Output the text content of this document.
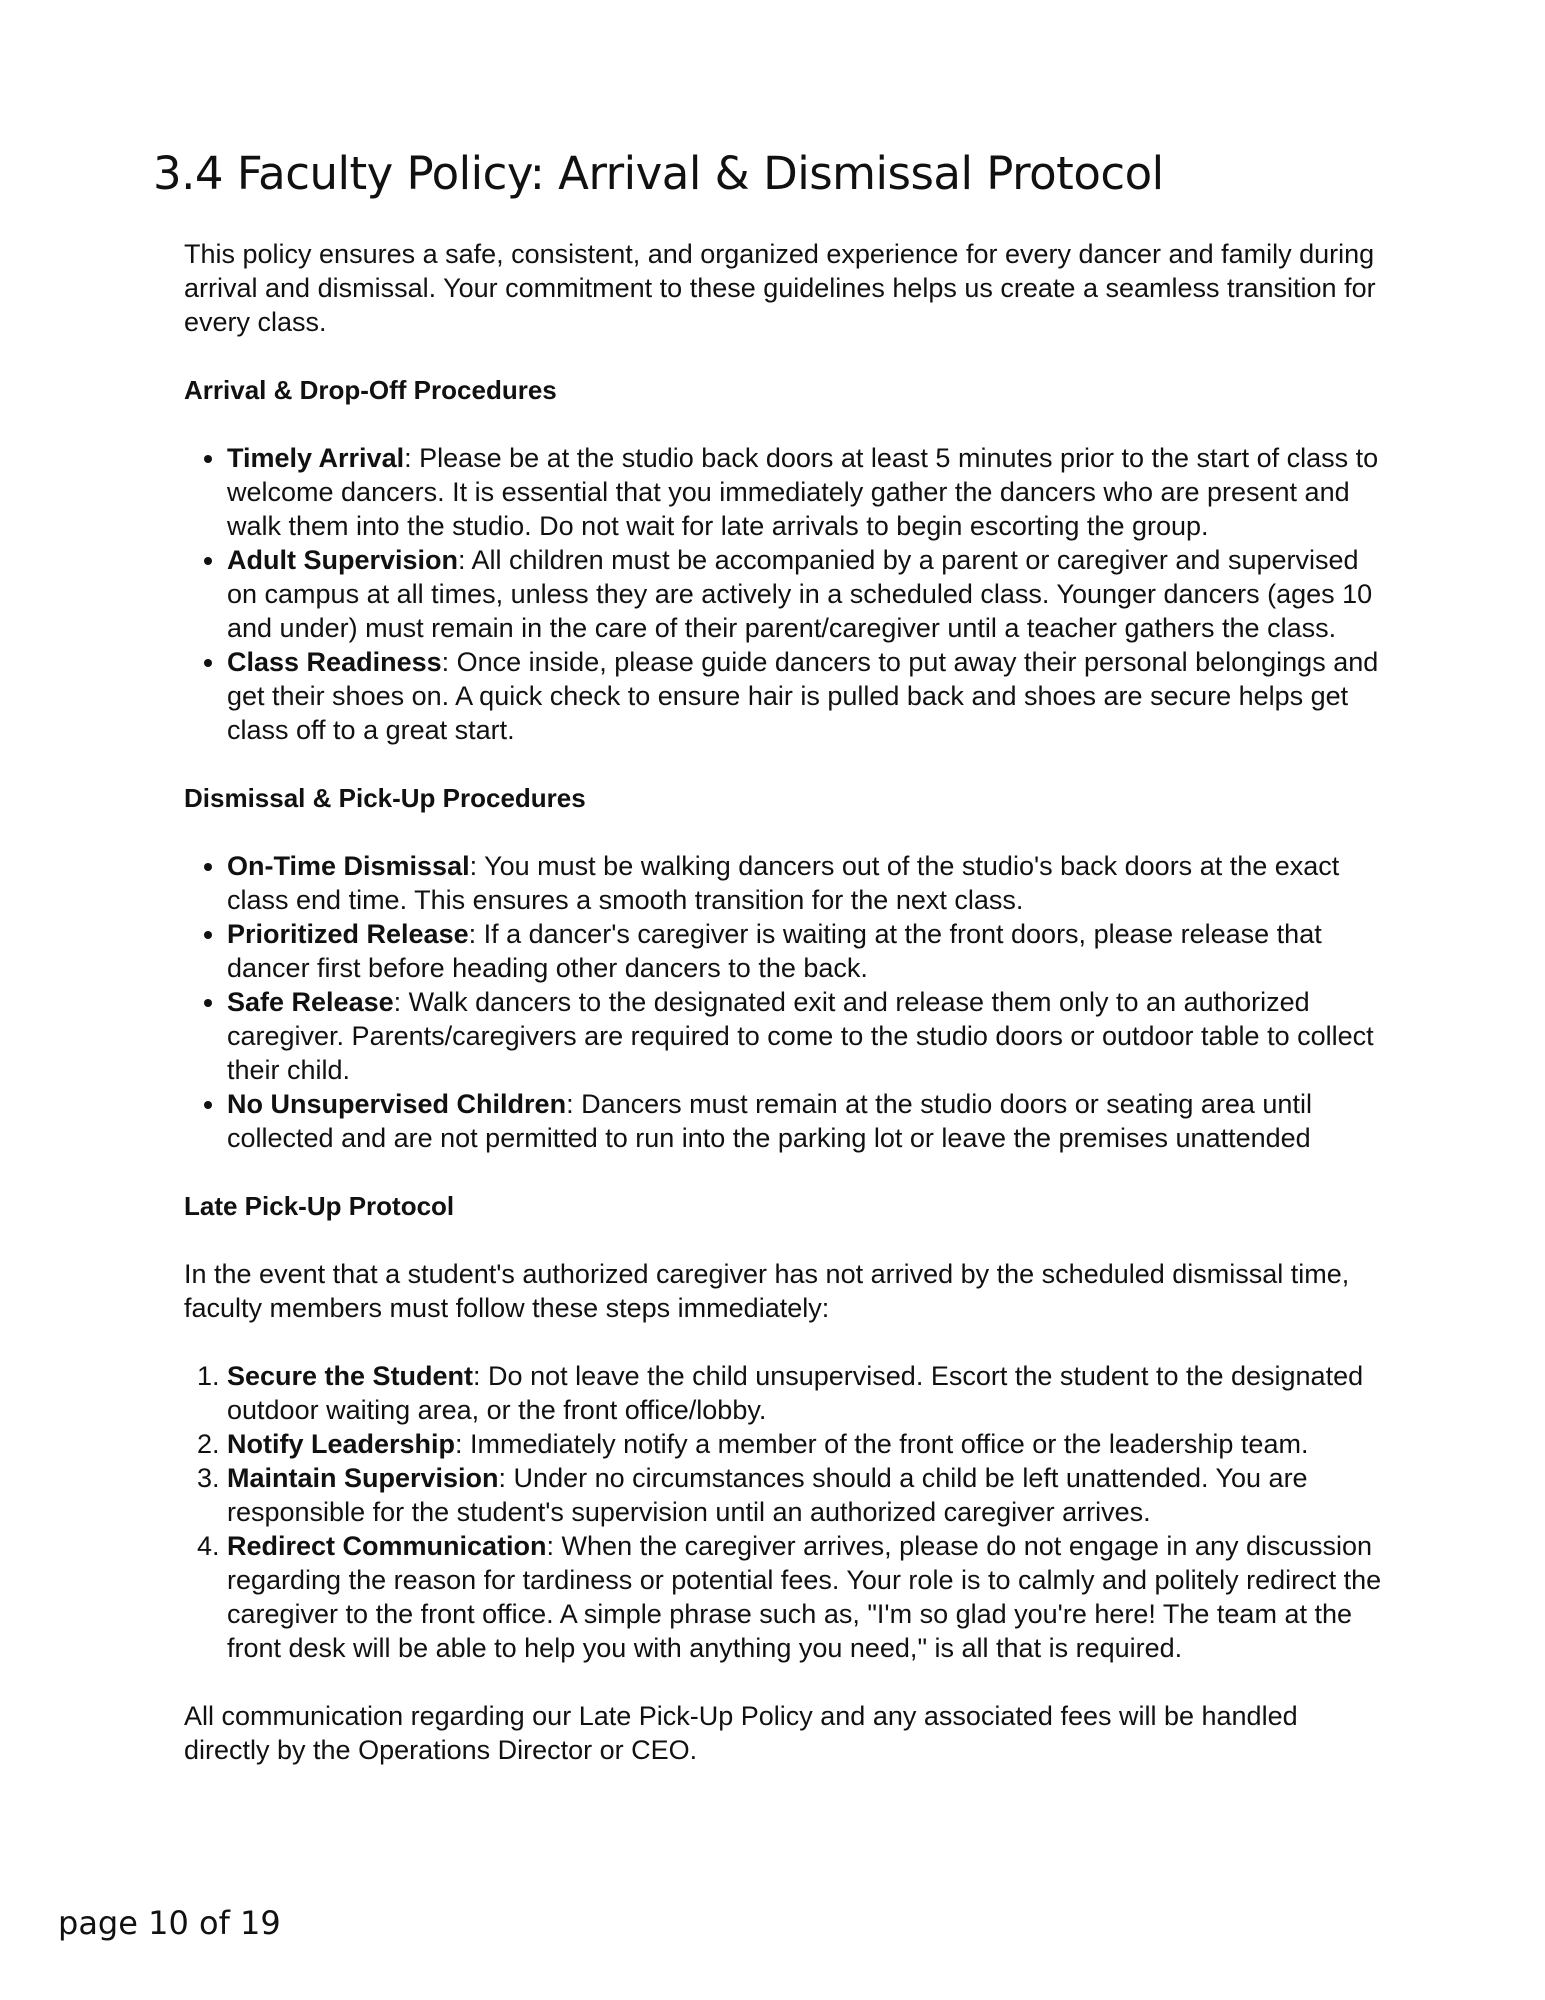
3.4 Faculty Policy: Arrival & Dismissal Protocol

This policy ensures a safe, consistent, and organized experience for every dancer and family during arrival and dismissal. Your commitment to these guidelines helps us create a seamless transition for every class.

Arrival & Drop-Off Procedures

• Timely Arrival: Please be at the studio back doors at least 5 minutes prior to the start of class to welcome dancers. It is essential that you immediately gather the dancers who are present and walk them into the studio. Do not wait for late arrivals to begin escorting the group.
• Adult Supervision: All children must be accompanied by a parent or caregiver and supervised on campus at all times, unless they are actively in a scheduled class. Younger dancers (ages 10 and under) must remain in the care of their parent/caregiver until a teacher gathers the class.
• Class Readiness: Once inside, please guide dancers to put away their personal belongings and get their shoes on. A quick check to ensure hair is pulled back and shoes are secure helps get class off to a great start.

Dismissal & Pick-Up Procedures

• On-Time Dismissal: You must be walking dancers out of the studio's back doors at the exact class end time. This ensures a smooth transition for the next class.
• Prioritized Release: If a dancer's caregiver is waiting at the front doors, please release that dancer first before heading other dancers to the back.
• Safe Release: Walk dancers to the designated exit and release them only to an authorized caregiver. Parents/caregivers are required to come to the studio doors or outdoor table to collect their child.
• No Unsupervised Children: Dancers must remain at the studio doors or seating area until collected and are not permitted to run into the parking lot or leave the premises unattended

Late Pick-Up Protocol

In the event that a student's authorized caregiver has not arrived by the scheduled dismissal time, faculty members must follow these steps immediately:

1. Secure the Student: Do not leave the child unsupervised. Escort the student to the designated outdoor waiting area, or the front office/lobby.
2. Notify Leadership: Immediately notify a member of the front office or the leadership team.
3. Maintain Supervision: Under no circumstances should a child be left unattended. You are responsible for the student's supervision until an authorized caregiver arrives.
4. Redirect Communication: When the caregiver arrives, please do not engage in any discussion regarding the reason for tardiness or potential fees. Your role is to calmly and politely redirect the caregiver to the front office. A simple phrase such as, "I'm so glad you're here! The team at the front desk will be able to help you with anything you need," is all that is required.

All communication regarding our Late Pick-Up Policy and any associated fees will be handled directly by the Operations Director or CEO.

page 10 of 19
